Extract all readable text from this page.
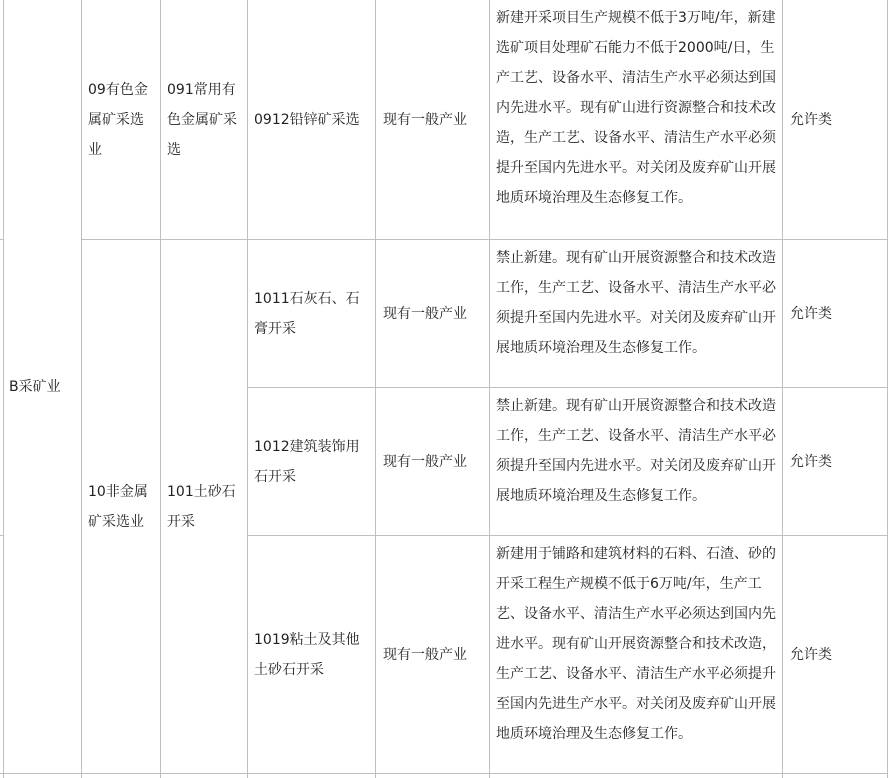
B采矿业
09有色金属矿采选业
091常用有色金属矿采选
0912铅锌矿采选 现有一般产业
新建开采项目生产规模不低于3万吨/年，新建选矿项目处理矿石能力不低于2000吨/日，生产工艺、设备水平、清洁生产水平必须达到国内先进水平。现有矿山进行资源整合和技术改造，生产工艺、设备水平、清洁生产水平必须提升至国内先进水平。对关闭及废弃矿山开展地质环境治理及生态修复工作。
允许类
10非金属矿采选业
101土砂石开采
1011石灰石、石膏开采
现有一般产业
禁止新建。现有矿山开展资源整合和技术改造工作，生产工艺、设备水平、清洁生产水平必须提升至国内先进水平。对关闭及废弃矿山开展地质环境治理及生态修复工作。
允许类
1012建筑装饰用石开采
现有一般产业
禁止新建。现有矿山开展资源整合和技术改造工作，生产工艺、设备水平、清洁生产水平必须提升至国内先进水平。对关闭及废弃矿山开展地质环境治理及生态修复工作。
允许类
1019粘土及其他土砂石开采
现有一般产业
新建用于铺路和建筑材料的石料、石渣、砂的开采工程生产规模不低于6万吨/年，生产工艺、设备水平、清洁生产水平必须达到国内先进水平。现有矿山开展资源整合和技术改造，生产工艺、设备水平、清洁生产水平必须提升至国内先进生产水平。对关闭及废弃矿山开展地质环境治理及生态修复工作。
允许类
